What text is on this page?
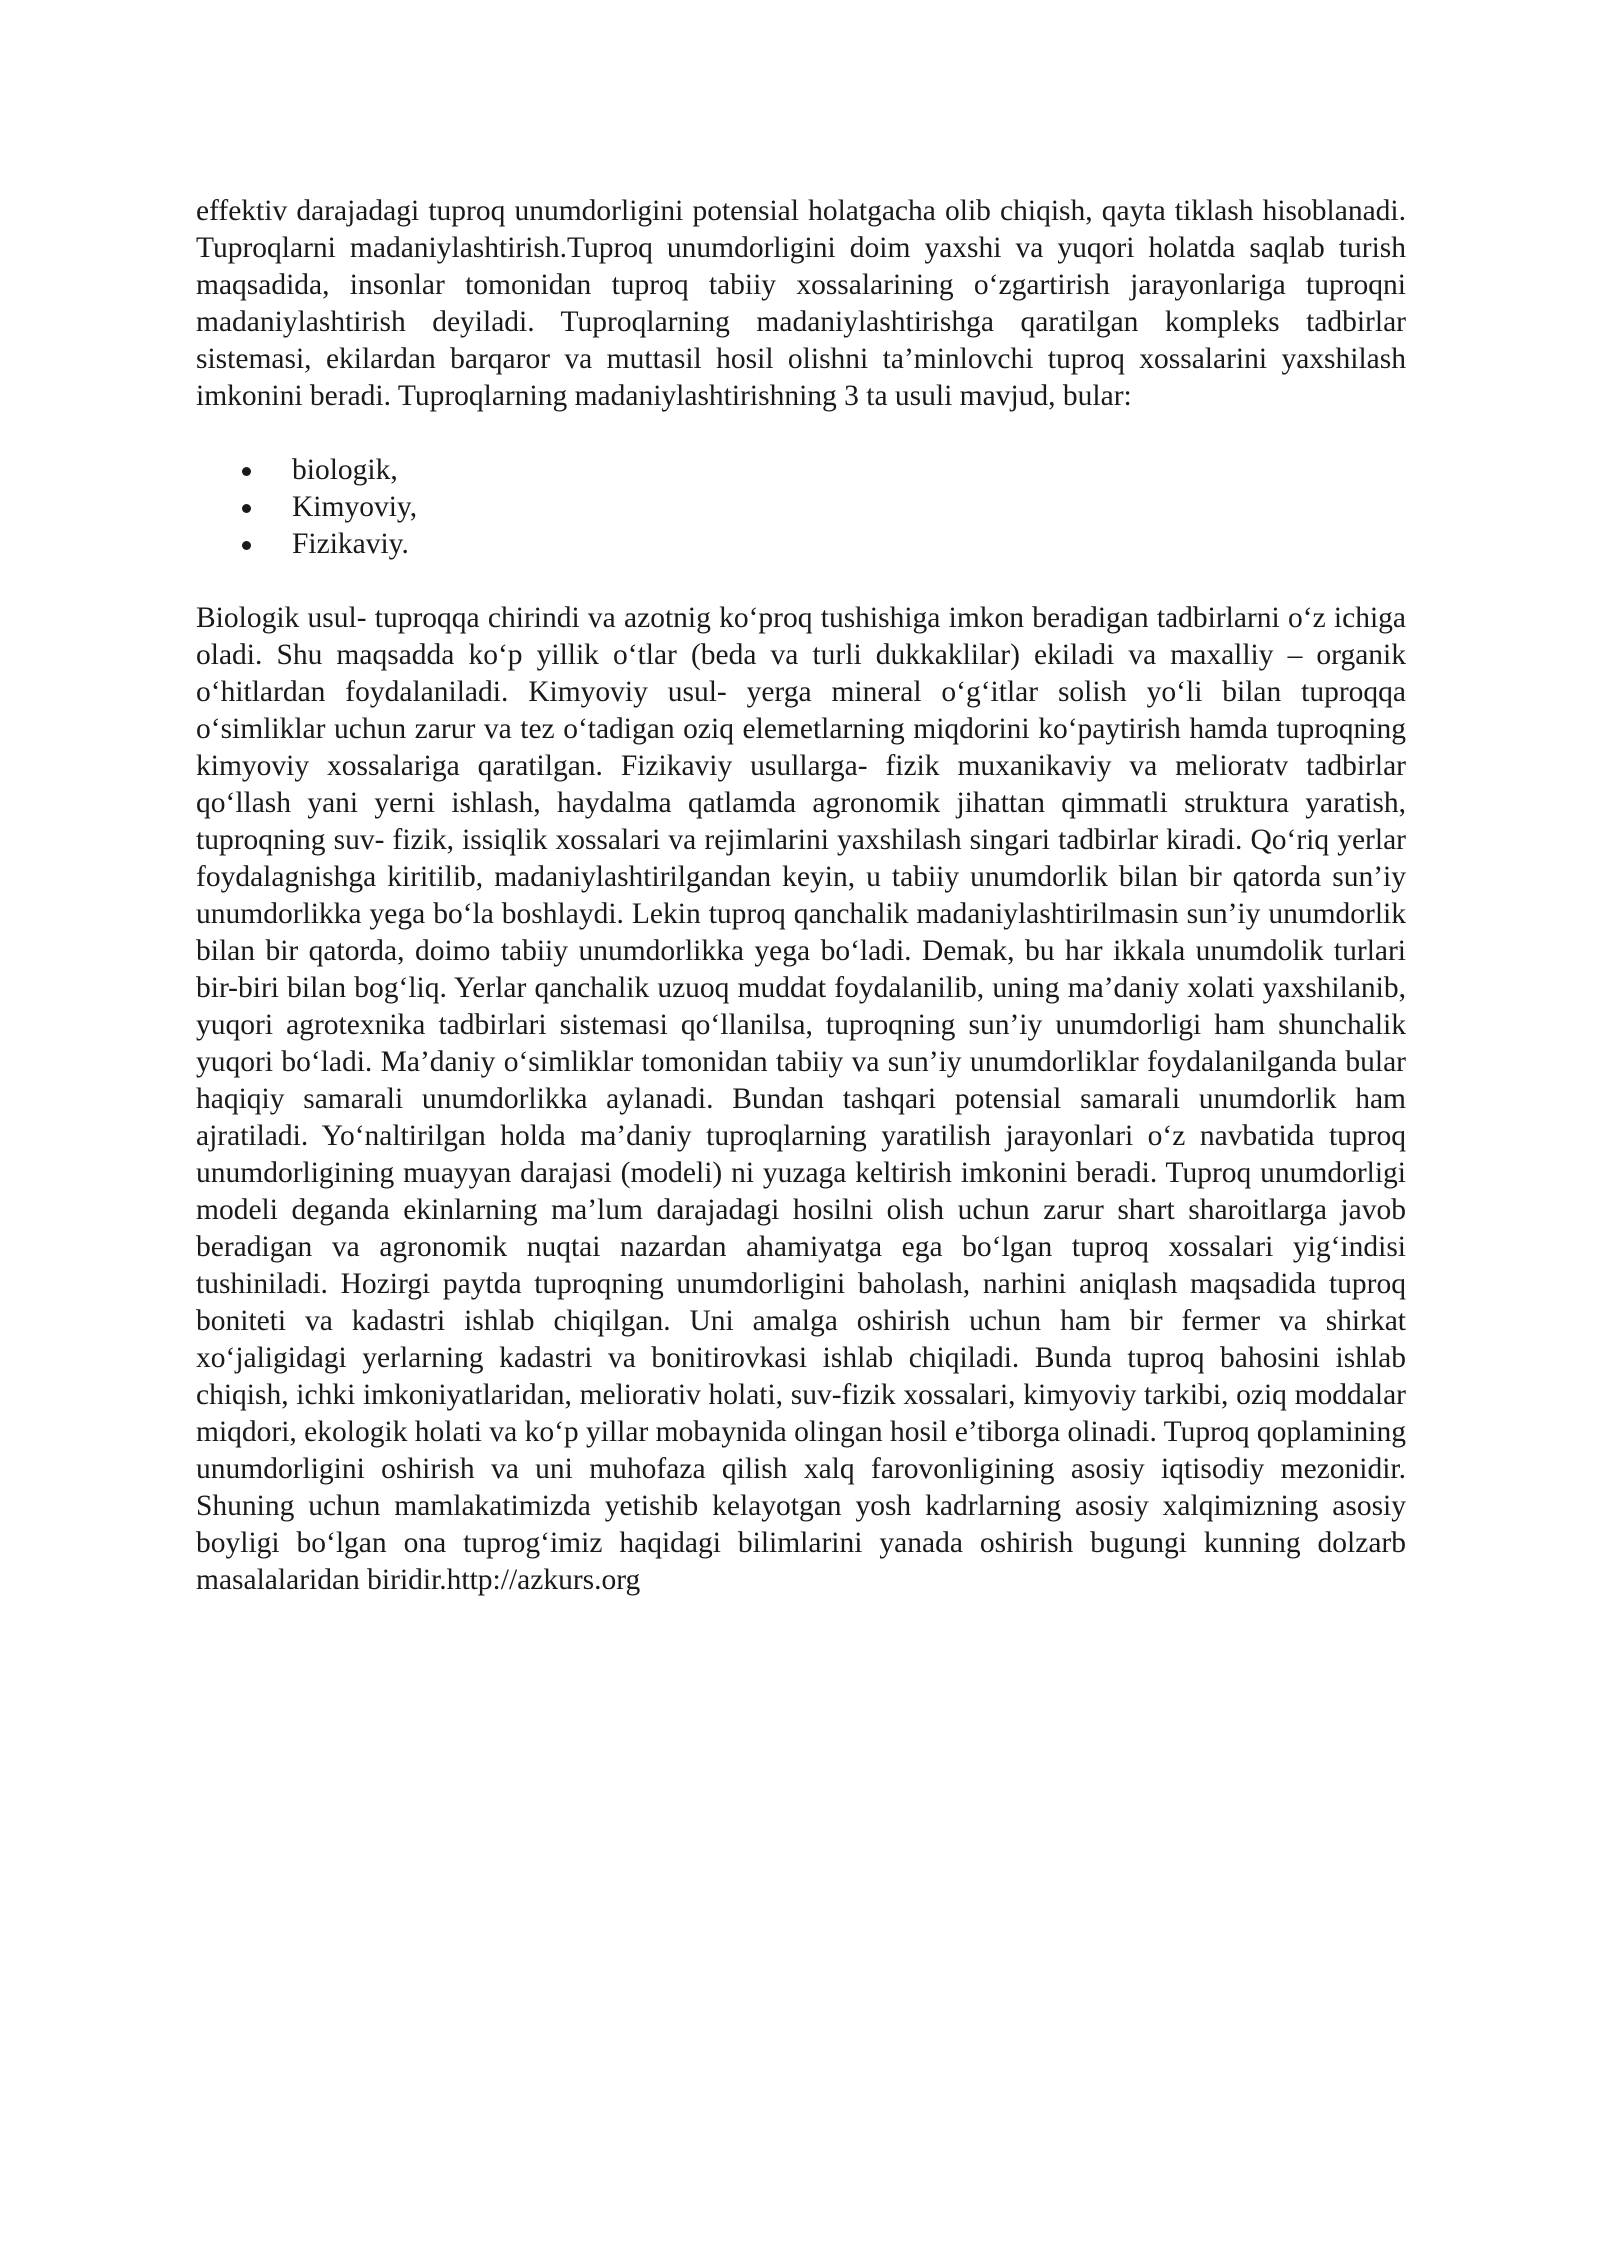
effektiv darajadagi tuproq unumdorligini potensial holatgacha olib chiqish, qayta tiklash hisoblanadi. Tuproqlarni madaniylashtirish.Tuproq unumdorligini doim yaxshi va yuqori holatda saqlab turish maqsadida, insonlar tomonidan tuproq tabiiy xossalarining o‘zgartirish jarayonlariga tuproqni madaniylashtirish deyiladi. Tuproqlarning madaniylashtirishga qaratilgan kompleks tadbirlar sistemasi, ekilardan barqaror va muttasil hosil olishni ta’minlovchi tuproq xossalarini yaxshilash imkonini beradi. Tuproqlarning madaniylashtirishning 3 ta usuli mavjud, bular:

biologik,
Kimyoviy,
Fizikaviy.

Biologik usul- tuproqqa chirindi va azotnig ko‘proq tushishiga imkon beradigan tadbirlarni o‘z ichiga oladi. Shu maqsadda ko‘p yillik o‘tlar (beda va turli dukkaklilar) ekiladi va maxalliy – organik o‘hitlardan foydalaniladi. Kimyoviy usul- yerga mineral o‘g‘itlar solish yo‘li bilan tuproqqa o‘simliklar uchun zarur va tez o‘tadigan oziq elemetlarning miqdorini ko‘paytirish hamda tuproqning kimyoviy xossalariga qaratilgan. Fizikaviy usullarga- fizik muxanikaviy va melioratv tadbirlar qo‘llash yani yerni ishlash, haydalma qatlamda agronomik jihattan qimmatli struktura yaratish, tuproqning suv- fizik, issiqlik xossalari va rejimlarini yaxshilash singari tadbirlar kiradi. Qo‘riq yerlar foydalagnishga kiritilib, madaniylashtirilgandan keyin, u tabiiy unumdorlik bilan bir qatorda sun’iy unumdorlikka yega bo‘la boshlaydi. Lekin tuproq qanchalik madaniylashtirilmasin sun’iy unumdorlik bilan bir qatorda, doimo tabiiy unumdorlikka yega bo‘ladi. Demak, bu har ikkala unumdolik turlari bir-biri bilan bog‘liq. Yerlar qanchalik uzuoq muddat foydalanilib, uning ma’daniy xolati yaxshilanib, yuqori agrotexnika tadbirlari sistemasi qo‘llanilsa, tuproqning sun’iy unumdorligi ham shunchalik yuqori bo‘ladi. Ma’daniy o‘simliklar tomonidan tabiiy va sun’iy unumdorliklar foydalanilganda bular haqiqiy samarali unumdorlikka aylanadi. Bundan tashqari potensial samarali unumdorlik ham ajratiladi. Yo‘naltirilgan holda ma’daniy tuproqlarning yaratilish jarayonlari o‘z navbatida tuproq unumdorligining muayyan darajasi (modeli) ni yuzaga keltirish imkonini beradi. Tuproq unumdorligi modeli deganda ekinlarning ma’lum darajadagi hosilni olish uchun zarur shart sharoitlarga javob beradigan va agronomik nuqtai nazardan ahamiyatga ega bo‘lgan tuproq xossalari yig‘indisi tushiniladi. Hozirgi paytda tuproqning unumdorligini baholash, narhini aniqlash maqsadida tuproq boniteti va kadastri ishlab chiqilgan. Uni amalga oshirish uchun ham bir fermer va shirkat xo‘jaligidagi yerlarning kadastri va bonitirovkasi ishlab chiqiladi. Bunda tuproq bahosini ishlab chiqish, ichki imkoniyatlaridan, meliorativ holati, suv-fizik xossalari, kimyoviy tarkibi, oziq moddalar miqdori, ekologik holati va ko‘p yillar mobaynida olingan hosil e’tiborga olinadi. Tuproq qoplamining unumdorligini oshirish va uni muhofaza qilish xalq farovonligining asosiy iqtisodiy mezonidir. Shuning uchun mamlakatimizda yetishib kelayotgan yosh kadrlarning asosiy xalqimizning asosiy boyligi bo‘lgan ona tuprog‘imiz haqidagi bilimlarini yanada oshirish bugungi kunning dolzarb masalalaridan biridir.http://azkurs.org
